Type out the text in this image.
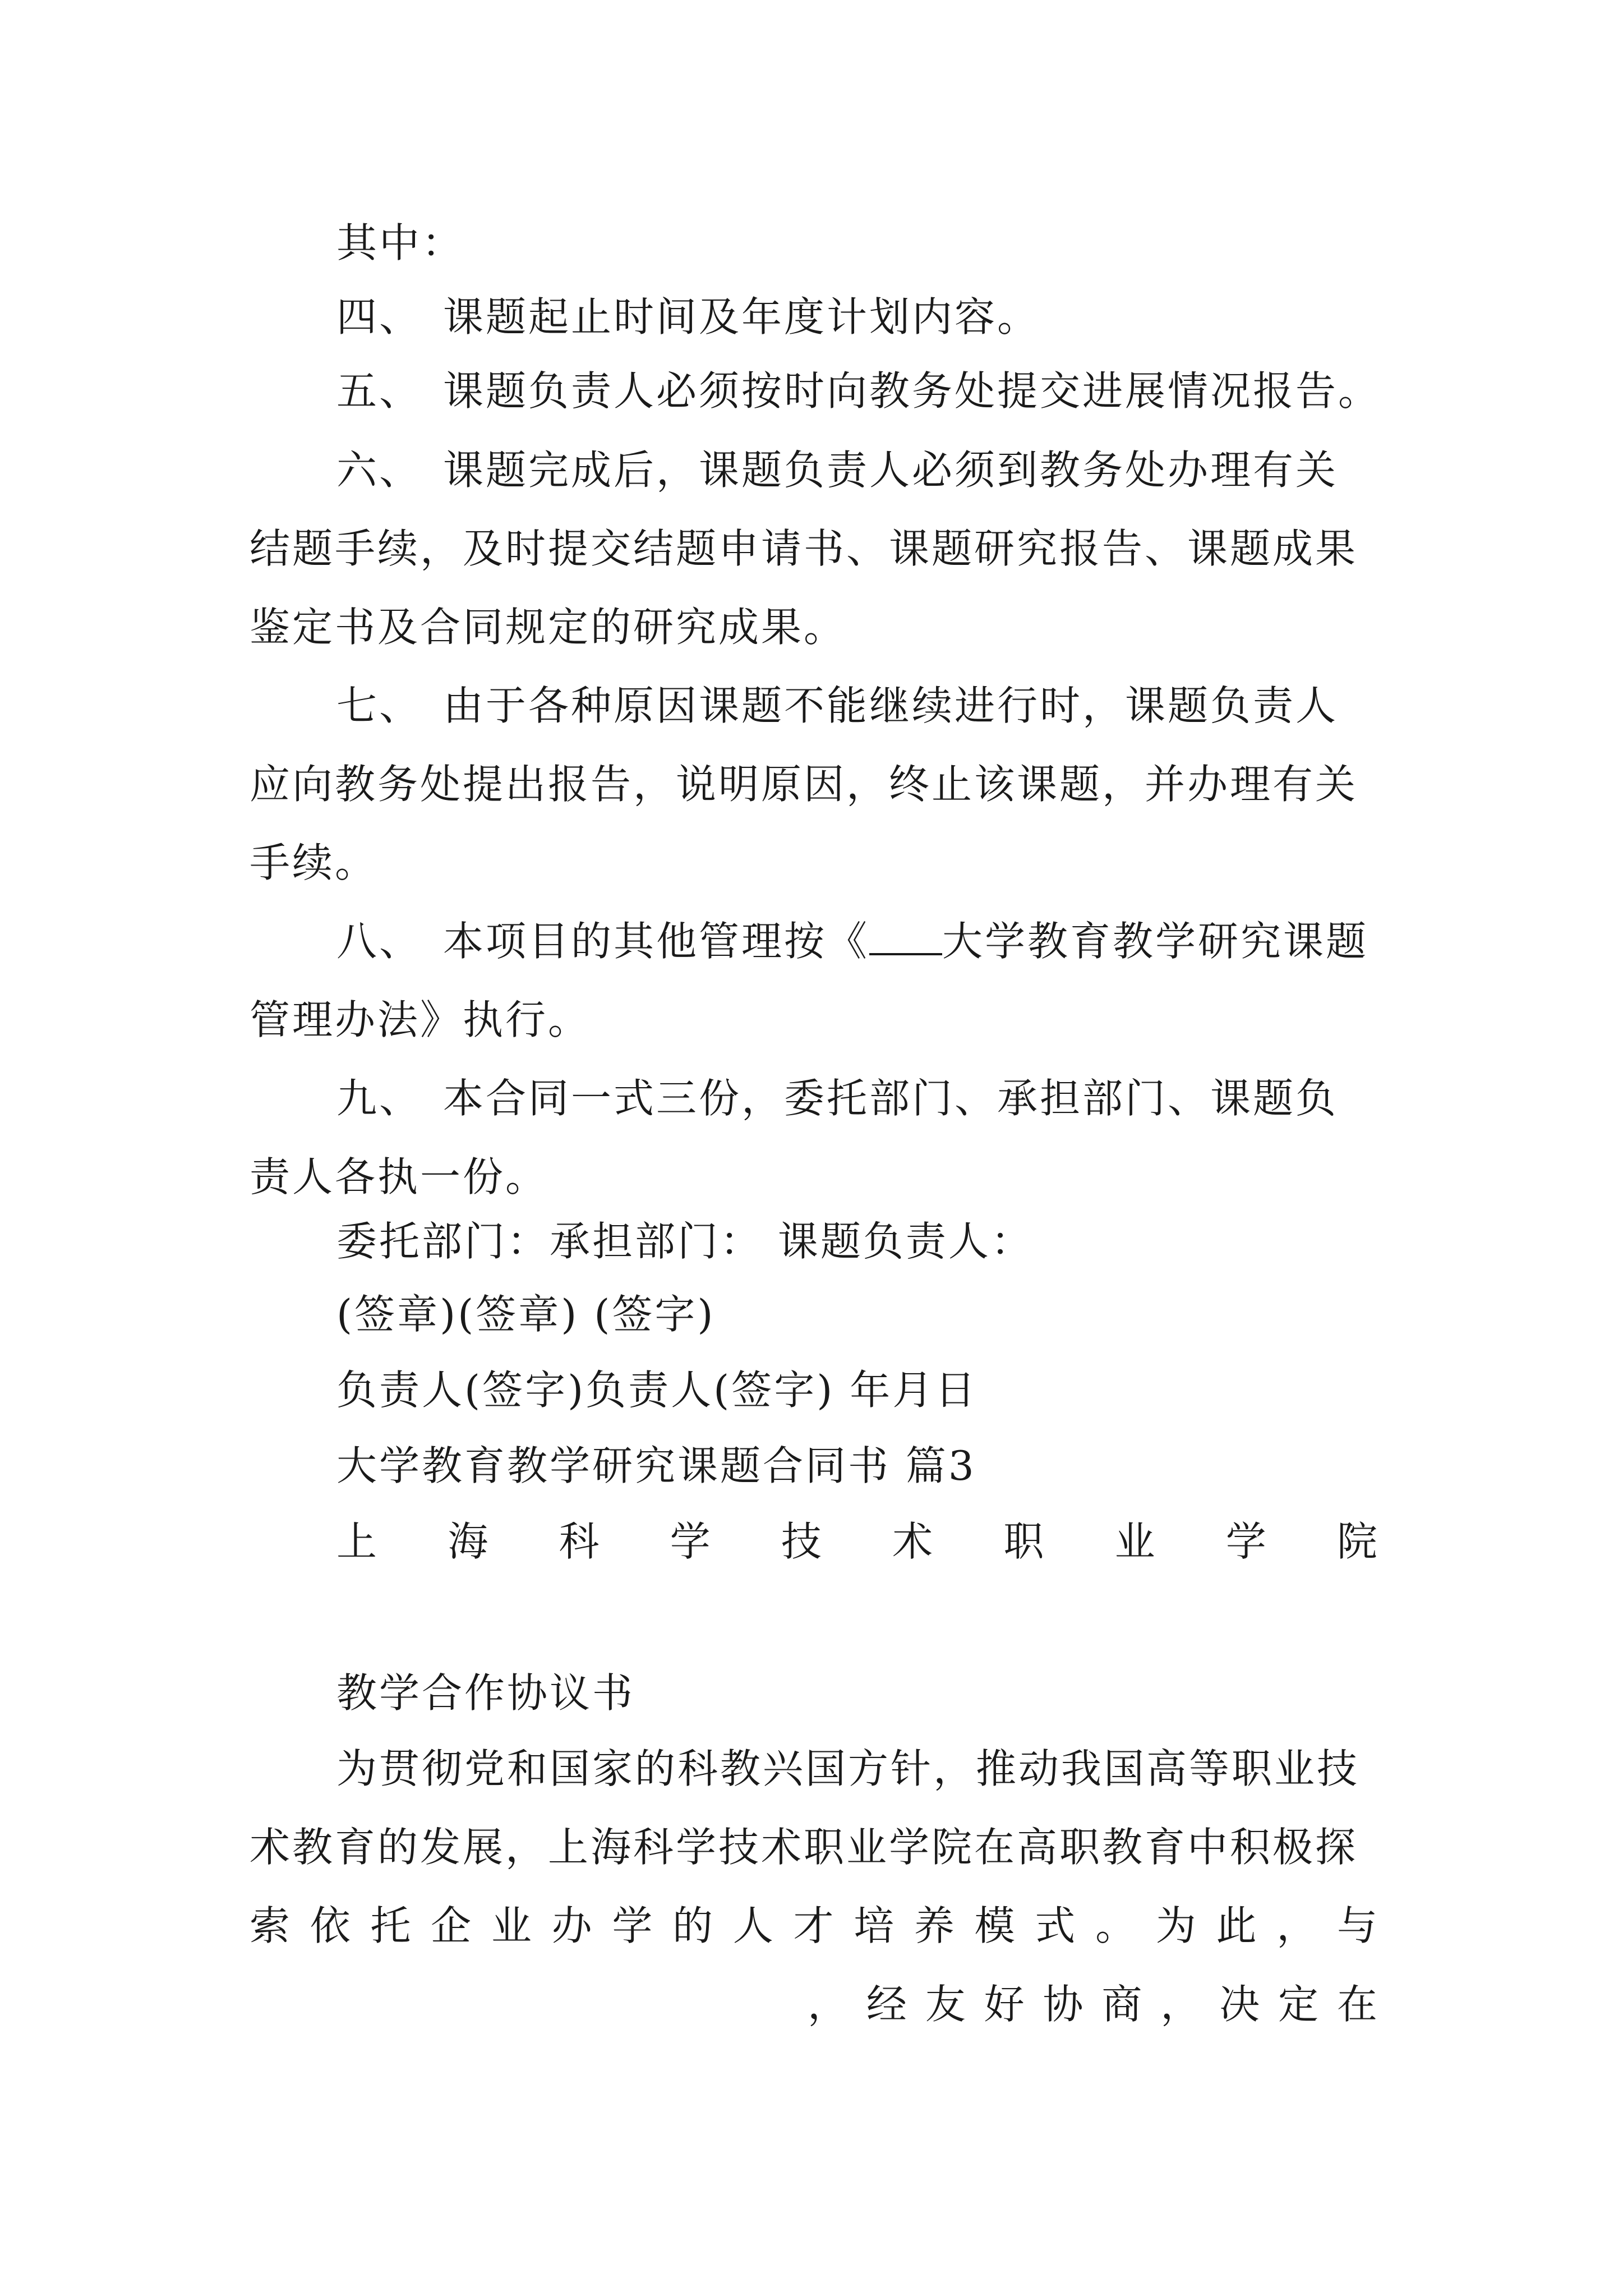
其中：
四、 课题起止时间及年度计划内容。
五、 课题负责人必须按时向教务处提交进展情况报告。
六、 课题完成后，课题负责人必须到教务处办理有关
结题手续，及时提交结题申请书、课题研究报告、课题成果
鉴定书及合同规定的研究成果。
七、 由于各种原因课题不能继续进行时，课题负责人
应向教务处提出报告，说明原因，终止该课题，并办理有关
手续。
八、 本项目的其他管理按《 大学教育教学研究课题
管理办法》执行。
九、 本合同一式三份，委托部门、承担部门、课题负
责人各执一份。
委托部门：承担部门： 课题负责人：
(签章)(签章) (签字)
负责人(签字)负责人(签字) 年月日
大学教育教学研究课题合同书 篇3
上 海 科 学 技 术 职 业 学 院
教学合作协议书
为贯彻党和国家的科教兴国方针，推动我国高等职业技
术教育的发展，上海科学技术职业学院在高职教育中积极探
索 依 托 企 业 办 学 的 人 才 培 养 模 式 。 为 此 ， 与
， 经 友 好 协 商 ， 决 定 在
